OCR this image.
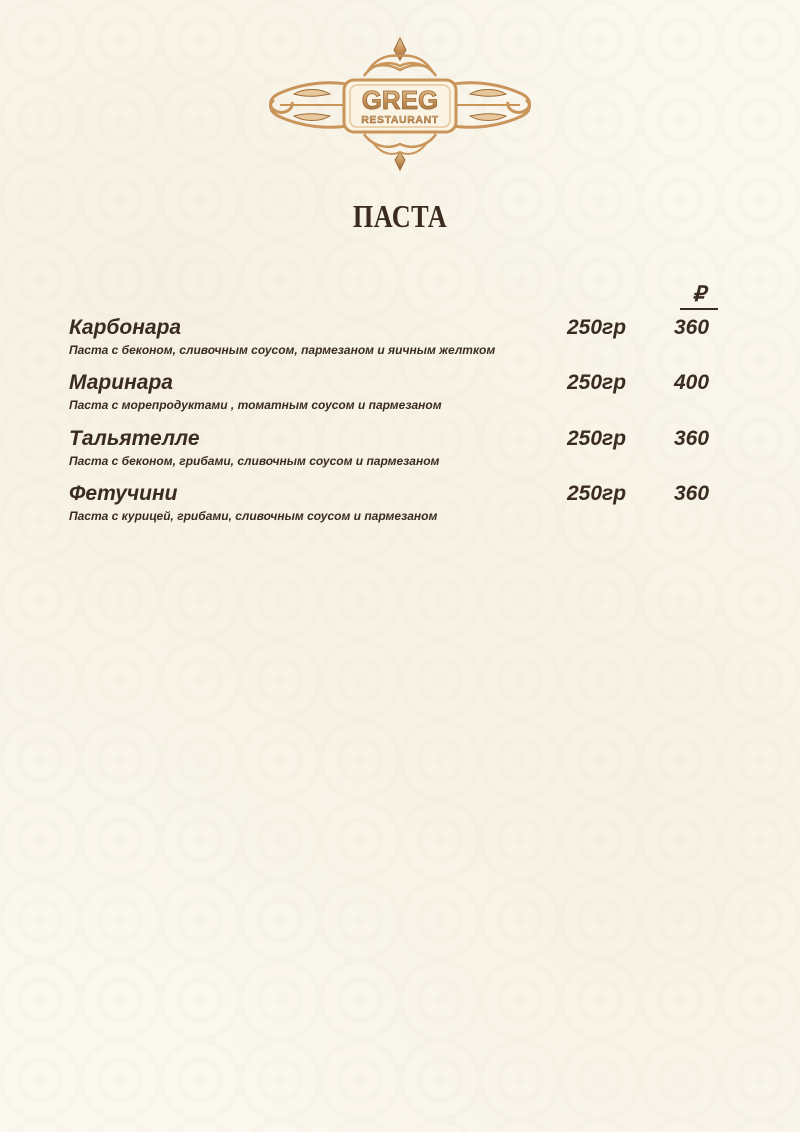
GREG
RESTAURANT
ПАСТА
₽
Карбонара	250гр 360
Паста с беконом, сливочным соусом, пармезаном и яичным желтком
Маринара	250гр 400
Паста с морепродуктами , томатным соусом и пармезаном
Тальятелле	250гр 360
Паста с беконом, грибами, сливочным соусом и пармезаном
Фетучини	250гр 360
Паста с курицей, грибами, сливочным соусом и пармезаном
